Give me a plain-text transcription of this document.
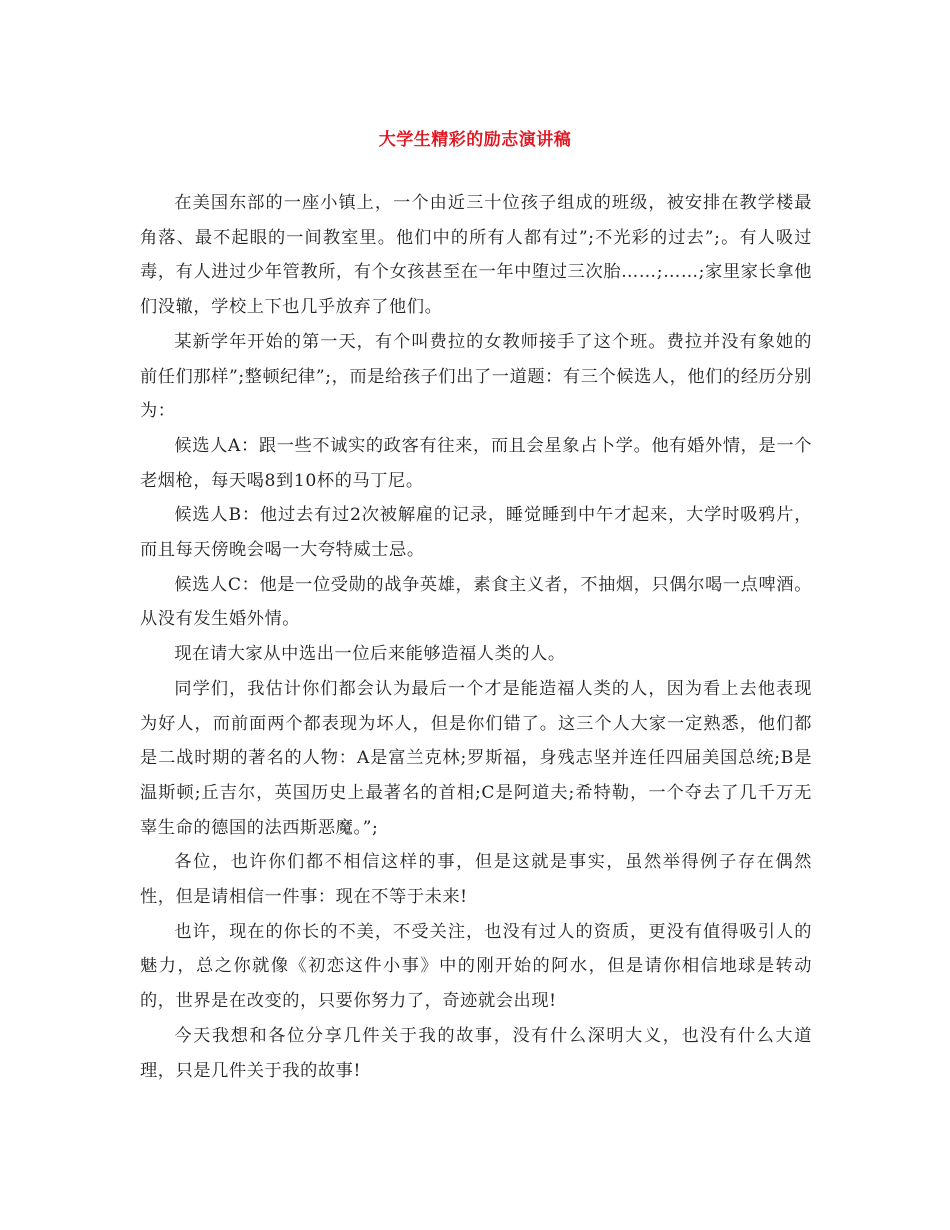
大学生精彩的励志演讲稿

在美国东部的一座小镇上，一个由近三十位孩子组成的班级，被安排在教学楼最角落、最不起眼的一间教室里。他们中的所有人都有过”;不光彩的过去”;。有人吸过毒，有人进过少年管教所，有个女孩甚至在一年中堕过三次胎……;……;家里家长拿他们没辙，学校上下也几乎放弃了他们。

某新学年开始的第一天，有个叫费拉的女教师接手了这个班。费拉并没有象她的前任们那样”;整顿纪律”;，而是给孩子们出了一道题：有三个候选人，他们的经历分别为：

候选人A：跟一些不诚实的政客有往来，而且会星象占卜学。他有婚外情，是一个老烟枪，每天喝8到10杯的马丁尼。

候选人B：他过去有过2次被解雇的记录，睡觉睡到中午才起来，大学时吸鸦片，而且每天傍晚会喝一大夸特威士忌。

候选人C：他是一位受勋的战争英雄，素食主义者，不抽烟，只偶尔喝一点啤酒。从没有发生婚外情。

现在请大家从中选出一位后来能够造福人类的人。

同学们，我估计你们都会认为最后一个才是能造福人类的人，因为看上去他表现为好人，而前面两个都表现为坏人，但是你们错了。这三个人大家一定熟悉，他们都是二战时期的著名的人物：A是富兰克林;罗斯福，身残志坚并连任四届美国总统;B是温斯顿;丘吉尔，英国历史上最著名的首相;C是阿道夫;希特勒，一个夺去了几千万无辜生命的德国的法西斯恶魔。”;

各位，也许你们都不相信这样的事，但是这就是事实，虽然举得例子存在偶然性，但是请相信一件事：现在不等于未来!

也许，现在的你长的不美，不受关注，也没有过人的资质，更没有值得吸引人的魅力，总之你就像《初恋这件小事》中的刚开始的阿水，但是请你相信地球是转动的，世界是在改变的，只要你努力了，奇迹就会出现!

今天我想和各位分享几件关于我的故事，没有什么深明大义，也没有什么大道理，只是几件关于我的故事!
